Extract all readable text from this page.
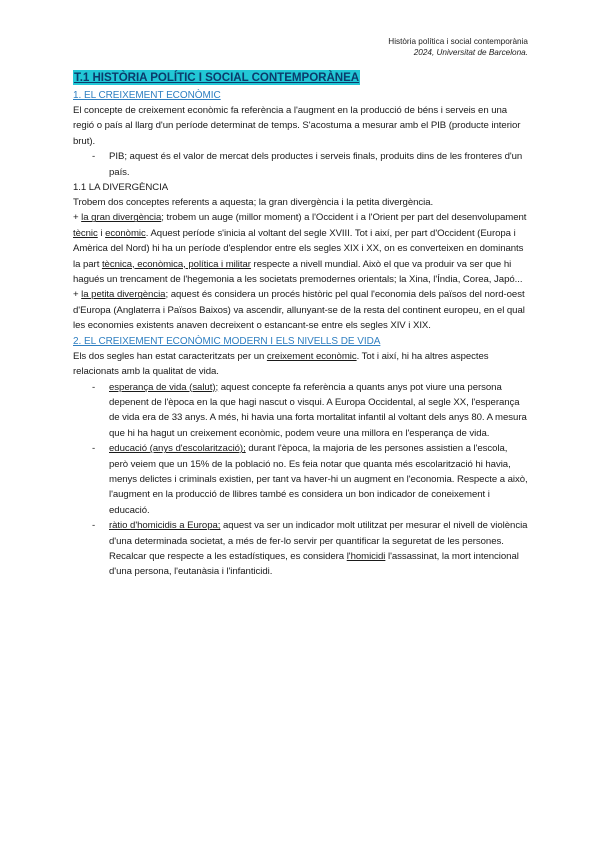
Història política i social contemporània
2024, Universitat de Barcelona.
T.1 HISTÒRIA POLÍTIC I SOCIAL CONTEMPORÀNEA
1. EL CREIXEMENT ECONÒMIC

El concepte de creixement econòmic fa referència a l'augment en la producció de béns i serveis en una regió o país al llarg d'un període determinat de temps. S'acostuma a mesurar amb el PIB (producte interior brut).

- PIB; aquest és el valor de mercat dels productes i serveis finals, produits dins de les fronteres d'un país.
1.1 LA DIVERGÈNCIA

Trobem dos conceptes referents a aquesta; la gran divergència i la petita divergència.

+ la gran divergència; trobem un auge (millor moment) a l'Occident i a l'Orient per part del desenvolupament tècnic i econòmic. Aquest període s'inicia al voltant del segle XVIII. Tot i així, per part d'Occident (Europa i Amèrica del Nord) hi ha un període d'esplendor entre els segles XIX i XX, on es converteixen en dominants la part tècnica, econòmica, política i militar respecte a nivell mundial. Això el que va produir va ser que hi hagués un trencament de l'hegemonia a les societats premodernes orientals; la Xina, l'Índia, Corea, Japó...

+ la petita divergència; aquest és considera un procés històric pel qual l'economia dels països del nord-oest d'Europa (Anglaterra i Països Baixos) va ascendir, allunyant-se de la resta del continent europeu, en el qual les economies existents anaven decreixent o estancant-se entre els segles XIV i XIX.

2. EL CREIXEMENT ECONÒMIC MODERN I ELS NIVELLS DE VIDA

Els dos segles han estat caracteritzats per un creixement econòmic. Tot i així, hi ha altres aspectes relacionats amb la qualitat de vida.

- esperança de vida (salut); aquest concepte fa referència a quants anys pot viure una persona depenent de l'època en la que hagi nascut o visqui. A Europa Occidental, al segle XX, l'esperança de vida era de 33 anys. A més, hi havia una forta mortalitat infantil al voltant dels anys 80. A mesura que hi ha hagut un creixement econòmic, podem veure una millora en l'esperança de vida.
- educació (anys d'escolarització); durant l'època, la majoria de les persones assistien a l'escola, però veiem que un 15% de la població no. Es feia notar que quanta més escolarització hi havia, menys delictes i criminals existien, per tant va haver-hi un augment en l'economia. Respecte a això, l'augment en la producció de llibres també es considera un bon indicador de coneixement i educació.
- ràtio d'homicidis a Europa; aquest va ser un indicador molt utilitzat per mesurar el nivell de violència d'una determinada societat, a més de fer-lo servir per quantificar la seguretat de les persones. Recalcar que respecte a les estadístiques, es considera l'homicidi l'assassinat, la mort intencional d'una persona, l'eutanàsia i l'infanticidi.
